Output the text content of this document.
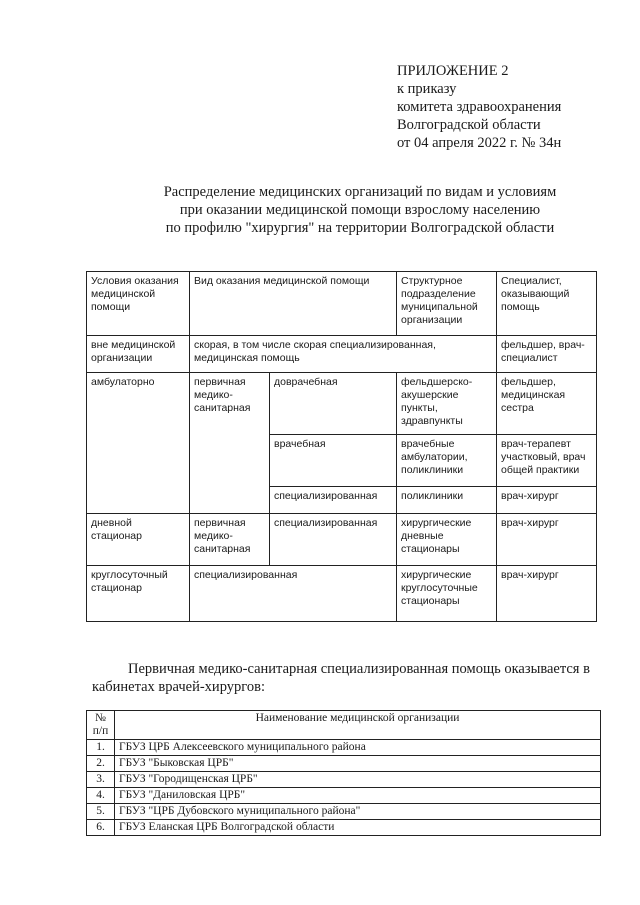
ПРИЛОЖЕНИЕ 2
к приказу
комитета здравоохранения
Волгоградской области
от 04 апреля 2022 г. № 34н
Распределение медицинских организаций по видам и условиям
при оказании медицинской помощи взрослому населению
по профилю "хирургия" на территории Волгоградской области
Условия оказания медицинской помощи	Вид оказания медицинской помощи		Структурное подразделение муниципальной организации	Специалист, оказывающий помощь
вне медицинской организации	скорая, в том числе скорая специализированная, медицинская помощь			фельдшер, врач-специалист
амбулаторно	первичная медико-санитарная	доврачебная	фельдшерско-акушерские пункты, здравпункты	фельдшер, медицинская сестра
		врачебная	врачебные амбулатории, поликлиники	врач-терапевт участковый, врач общей практики
		специализированная	поликлиники	врач-хирург
дневной стационар	первичная медико-санитарная	специализированная	хирургические дневные стационары	врач-хирург
круглосуточный стационар	специализированная		хирургические круглосуточные стационары	врач-хирург
Первичная медико-санитарная специализированная помощь оказывается в кабинетах врачей-хирургов:
№ п/п	Наименование медицинской организации
1.	ГБУЗ ЦРБ Алексеевского муниципального района
2.	ГБУЗ "Быковская ЦРБ"
3.	ГБУЗ "Городищенская ЦРБ"
4.	ГБУЗ "Даниловская ЦРБ"
5.	ГБУЗ "ЦРБ Дубовского муниципального района"
6.	ГБУЗ Еланская ЦРБ Волгоградской области
